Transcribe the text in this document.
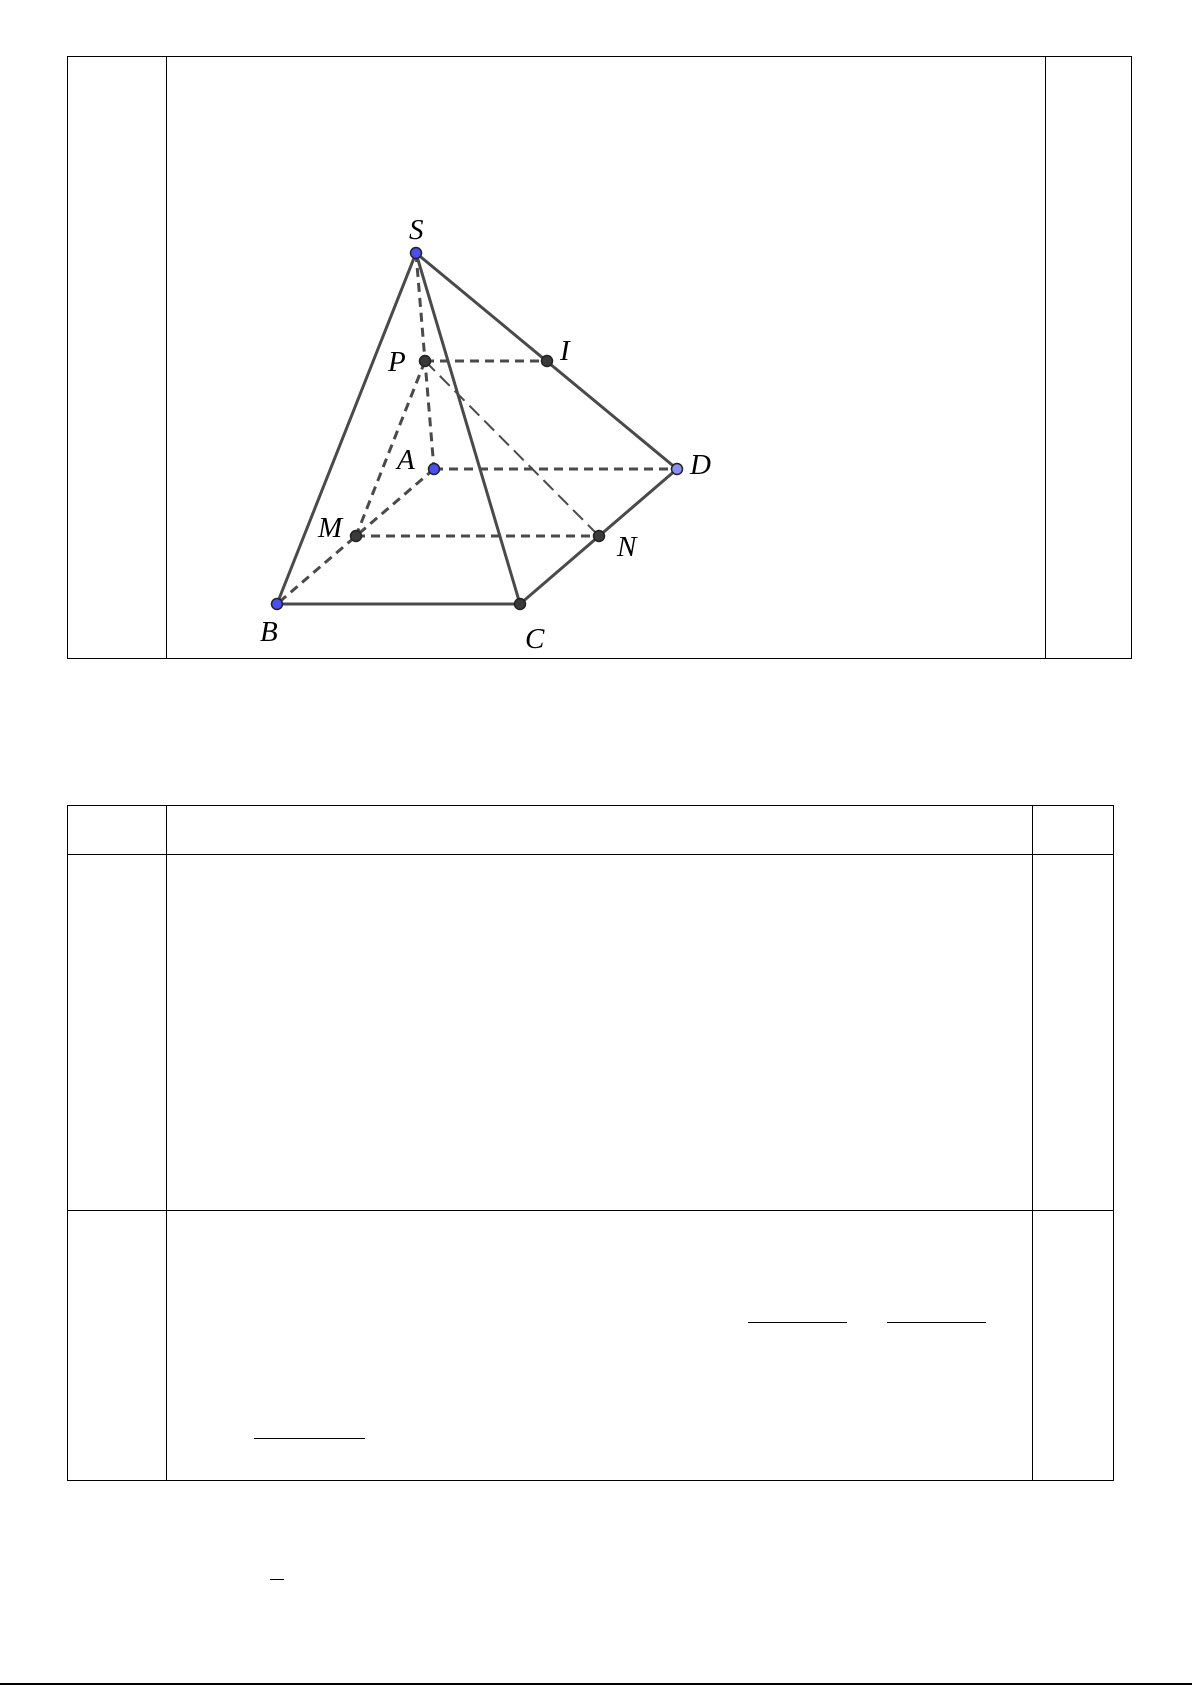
S
I
P
A	D
M
N
B	C
